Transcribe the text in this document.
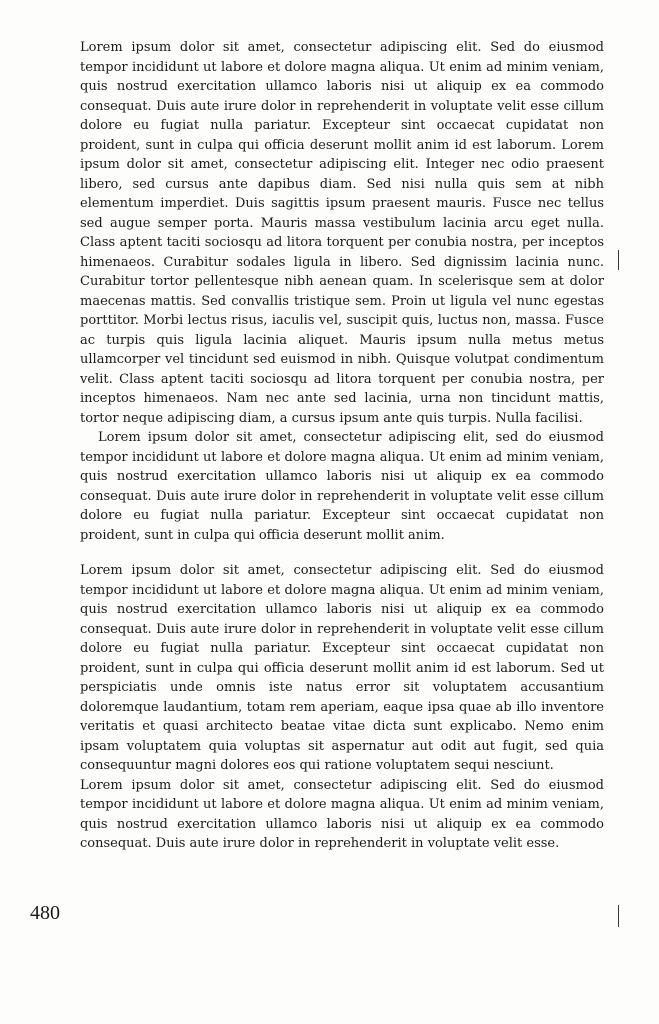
Lorem ipsum dolor sit amet, consectetur adipiscing elit. Sed do eiusmod tempor incididunt ut labore et dolore magna aliqua. Ut enim ad minim veniam, quis nostrud exercitation ullamco laboris nisi ut aliquip ex ea commodo consequat. Duis aute irure dolor in reprehenderit in voluptate velit esse cillum dolore eu fugiat nulla pariatur. Excepteur sint occaecat cupidatat non proident, sunt in culpa qui officia deserunt mollit anim id est laborum. Lorem ipsum dolor sit amet, consectetur adipiscing elit. Integer nec odio praesent libero, sed cursus ante dapibus diam. Sed nisi nulla quis sem at nibh elementum imperdiet. Duis sagittis ipsum praesent mauris. Fusce nec tellus sed augue semper porta. Mauris massa vestibulum lacinia arcu eget nulla. Class aptent taciti sociosqu ad litora torquent per conubia nostra, per inceptos himenaeos. Curabitur sodales ligula in libero. Sed dignissim lacinia nunc. Curabitur tortor pellentesque nibh aenean quam. In scelerisque sem at dolor maecenas mattis. Sed convallis tristique sem. Proin ut ligula vel nunc egestas porttitor. Morbi lectus risus, iaculis vel, suscipit quis, luctus non, massa. Fusce ac turpis quis ligula lacinia aliquet. Mauris ipsum nulla metus metus ullamcorper vel tincidunt sed euismod in nibh. Quisque volutpat condimentum velit. Class aptent taciti sociosqu ad litora torquent per conubia nostra, per inceptos himenaeos. Nam nec ante sed lacinia, urna non tincidunt mattis, tortor neque adipiscing diam, a cursus ipsum ante quis turpis. Nulla facilisi.

Lorem ipsum dolor sit amet, consectetur adipiscing elit, sed do eiusmod tempor incididunt ut labore et dolore magna aliqua. Ut enim ad minim veniam, quis nostrud exercitation ullamco laboris nisi ut aliquip ex ea commodo consequat. Duis aute irure dolor in reprehenderit in voluptate velit esse cillum dolore eu fugiat nulla pariatur. Excepteur sint occaecat cupidatat non proident, sunt in culpa qui officia deserunt mollit anim.

Lorem ipsum dolor sit amet, consectetur adipiscing elit. Sed do eiusmod tempor incididunt ut labore et dolore magna aliqua. Ut enim ad minim veniam, quis nostrud exercitation ullamco laboris nisi ut aliquip ex ea commodo consequat. Duis aute irure dolor in reprehenderit in voluptate velit esse cillum dolore eu fugiat nulla pariatur. Excepteur sint occaecat cupidatat non proident, sunt in culpa qui officia deserunt mollit anim id est laborum. Sed ut perspiciatis unde omnis iste natus error sit voluptatem accusantium doloremque laudantium, totam rem aperiam, eaque ipsa quae ab illo inventore veritatis et quasi architecto beatae vitae dicta sunt explicabo. Nemo enim ipsam voluptatem quia voluptas sit aspernatur aut odit aut fugit, sed quia consequuntur magni dolores eos qui ratione voluptatem sequi nesciunt.

Lorem ipsum dolor sit amet, consectetur adipiscing elit. Sed do eiusmod tempor incididunt ut labore et dolore magna aliqua. Ut enim ad minim veniam, quis nostrud exercitation ullamco laboris nisi ut aliquip ex ea commodo consequat. Duis aute irure dolor in reprehenderit in voluptate velit esse.

480
